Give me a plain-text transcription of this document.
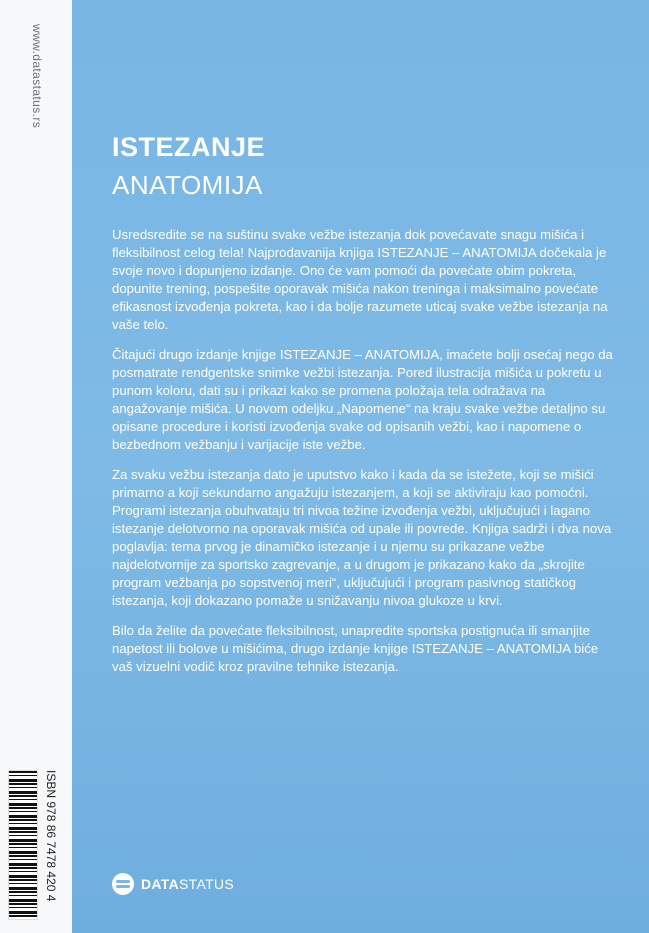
www.datastatus.rs
ISBN 978 86 7478 420 4
ISTEZANJE
ANATOMIJA

Usredsredite se na suštinu svake vežbe istezanja dok povećavate snagu mišića i fleksibilnost celog tela! Najprodavanija knjiga ISTEZANJE – ANATOMIJA dočekala je svoje novo i dopunjeno izdanje. Ono će vam pomoći da povećate obim pokreta, dopunite trening, pospešite oporavak mišića nakon treninga i maksimalno povećate efikasnost izvođenja pokreta, kao i da bolje razumete uticaj svake vežbe istezanja na vaše telo.

Čitajući drugo izdanje knjige ISTEZANJE – ANATOMIJA, imaćete bolji osećaj nego da posmatrate rendgentske snimke vežbi istezanja. Pored ilustracija mišića u pokretu u punom koloru, dati su i prikazi kako se promena položaja tela odražava na angažovanje mišića. U novom odeljku „Napomene“ na kraju svake vežbe detaljno su opisane procedure i koristi izvođenja svake od opisanih vežbi, kao i napomene o bezbednom vežbanju i varijacije iste vežbe.

Za svaku vežbu istezanja dato je uputstvo kako i kada da se istežete, koji se mišići primarno a koji sekundarno angažuju istezanjem, a koji se aktiviraju kao pomoćni. Programi istezanja obuhvataju tri nivoa težine izvođenja vežbi, uključujući i lagano istezanje delotvorno na oporavak mišića od upale ili povrede. Knjiga sadrži i dva nova poglavlja: tema prvog je dinamičko istezanje i u njemu su prikazane vežbe najdelotvornije za sportsko zagrevanje, a u drugom je prikazano kako da „skrojite program vežbanja po sopstvenoj meri“, uključujući i program pasivnog statičkog istezanja, koji dokazano pomaže u snižavanju nivoa glukoze u krvi.

Bilo da želite da povećate fleksibilnost, unapredite sportska postignuća ili smanjite napetost ili bolove u mišićima, drugo izdanje knjige ISTEZANJE – ANATOMIJA biće vaš vizuelni vodič kroz pravilne tehnike istezanja.

DATASTATUS
